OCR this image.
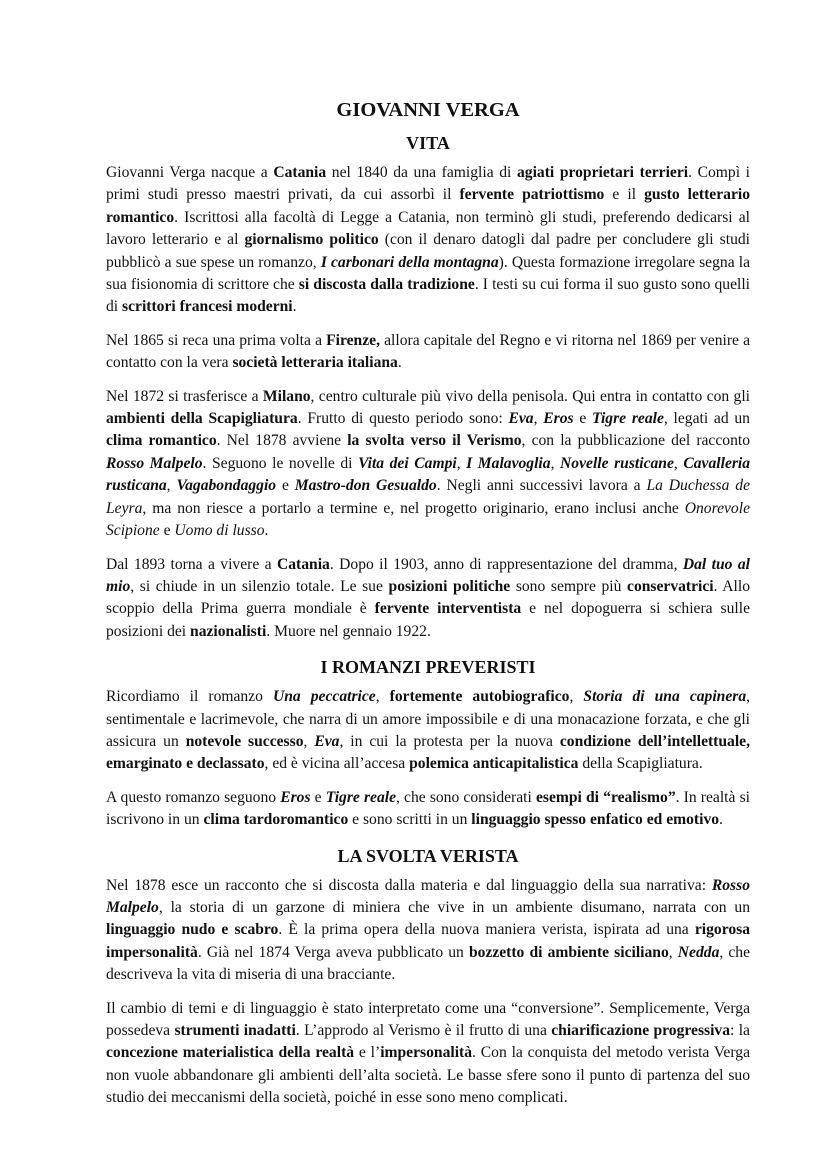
GIOVANNI VERGA
VITA

Giovanni Verga nacque a Catania nel 1840 da una famiglia di agiati proprietari terrieri. Compì i primi studi presso maestri privati, da cui assorbì il fervente patriottismo e il gusto letterario romantico. Iscrittosi alla facoltà di Legge a Catania, non terminò gli studi, preferendo dedicarsi al lavoro letterario e al giornalismo politico (con il denaro datogli dal padre per concludere gli studi pubblicò a sue spese un romanzo, I carbonari della montagna). Questa formazione irregolare segna la sua fisionomia di scrittore che si discosta dalla tradizione. I testi su cui forma il suo gusto sono quelli di scrittori francesi moderni.

Nel 1865 si reca una prima volta a Firenze, allora capitale del Regno e vi ritorna nel 1869 per venire a contatto con la vera società letteraria italiana.

Nel 1872 si trasferisce a Milano, centro culturale più vivo della penisola. Qui entra in contatto con gli ambienti della Scapigliatura. Frutto di questo periodo sono: Eva, Eros e Tigre reale, legati ad un clima romantico. Nel 1878 avviene la svolta verso il Verismo, con la pubblicazione del racconto Rosso Malpelo. Seguono le novelle di Vita dei Campi, I Malavoglia, Novelle rusticane, Cavalleria rusticana, Vagabondaggio e Mastro-don Gesualdo. Negli anni successivi lavora a La Duchessa de Leyra, ma non riesce a portarlo a termine e, nel progetto originario, erano inclusi anche Onorevole Scipione e Uomo di lusso.

Dal 1893 torna a vivere a Catania. Dopo il 1903, anno di rappresentazione del dramma, Dal tuo al mio, si chiude in un silenzio totale. Le sue posizioni politiche sono sempre più conservatrici. Allo scoppio della Prima guerra mondiale è fervente interventista e nel dopoguerra si schiera sulle posizioni dei nazionalisti. Muore nel gennaio 1922.

I ROMANZI PREVERISTI

Ricordiamo il romanzo Una peccatrice, fortemente autobiografico, Storia di una capinera, sentimentale e lacrimevole, che narra di un amore impossibile e di una monacazione forzata, e che gli assicura un notevole successo, Eva, in cui la protesta per la nuova condizione dell’intellettuale, emarginato e declassato, ed è vicina all’accesa polemica anticapitalistica della Scapigliatura.

A questo romanzo seguono Eros e Tigre reale, che sono considerati esempi di “realismo”. In realtà si iscrivono in un clima tardoromantico e sono scritti in un linguaggio spesso enfatico ed emotivo.

LA SVOLTA VERISTA

Nel 1878 esce un racconto che si discosta dalla materia e dal linguaggio della sua narrativa: Rosso Malpelo, la storia di un garzone di miniera che vive in un ambiente disumano, narrata con un linguaggio nudo e scabro. È la prima opera della nuova maniera verista, ispirata ad una rigorosa impersonalità. Già nel 1874 Verga aveva pubblicato un bozzetto di ambiente siciliano, Nedda, che descriveva la vita di miseria di una bracciante.

Il cambio di temi e di linguaggio è stato interpretato come una “conversione”. Semplicemente, Verga possedeva strumenti inadatti. L’approdo al Verismo è il frutto di una chiarificazione progressiva: la concezione materialistica della realtà e l’impersonalità. Con la conquista del metodo verista Verga non vuole abbandonare gli ambienti dell’alta società. Le basse sfere sono il punto di partenza del suo studio dei meccanismi della società, poiché in esse sono meno complicati.
